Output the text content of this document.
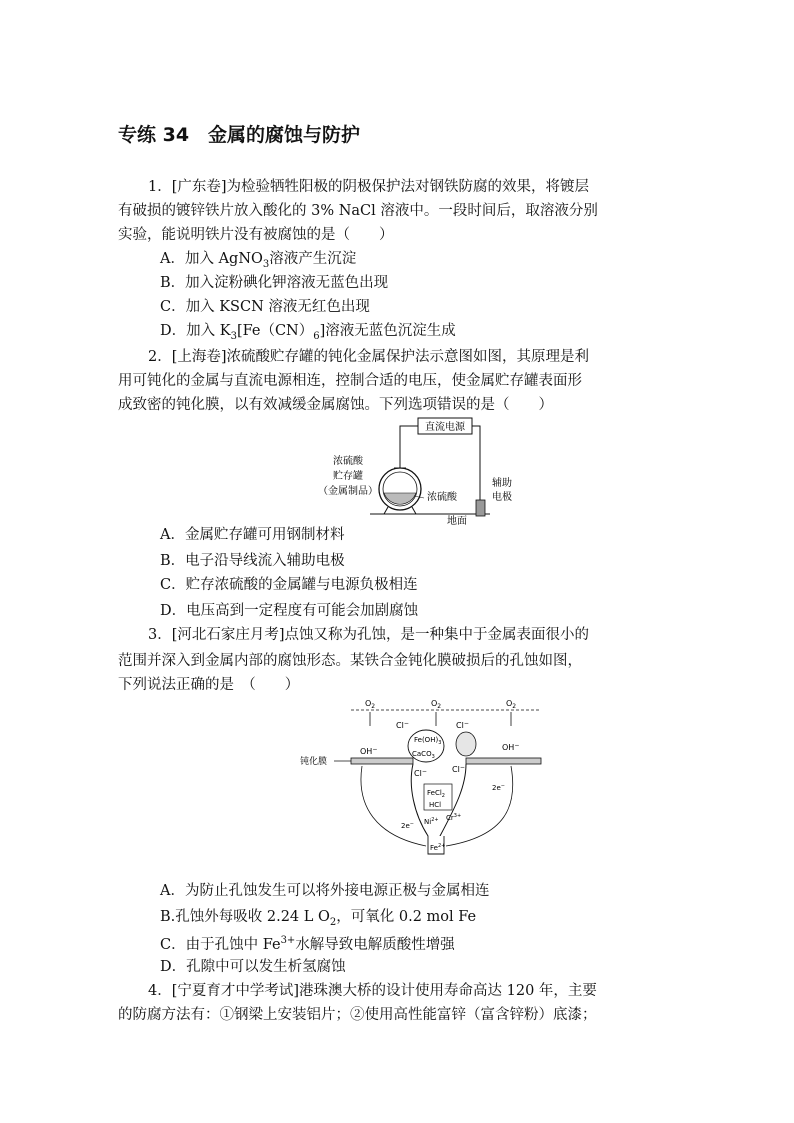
专练 34　金属的腐蚀与防护
1．[广东卷]为检验牺牲阳极的阴极保护法对钢铁防腐的效果，将镀层
有破损的镀锌铁片放入酸化的 3% NaCl 溶液中。一段时间后，取溶液分别
实验，能说明铁片没有被腐蚀的是（　　）
A．加入 AgNO$_3$溶液产生沉淀
B．加入淀粉碘化钾溶液无蓝色出现
C．加入 KSCN 溶液无红色出现
D．加入 $K_3[Fe(CN)_6]$溶液无蓝色沉淀生成
2．[上海卷]浓硫酸贮存罐的钝化金属保护法示意图如图，其原理是利
用可钝化的金属与直流电源相连，控制合适的电压，使金属贮存罐表面形
成致密的钝化膜，以有效减缓金属腐蚀。下列选项错误的是（　　）
直流电源
浓硫酸
贮存罐
（金属制品）
浓硫酸
地面
辅助
电极
A．金属贮存罐可用钢制材料
B．电子沿导线流入辅助电极
C．贮存浓硫酸的金属罐与电源负极相连
D．电压高到一定程度有可能会加剧腐蚀
3．[河北石家庄月考]点蚀又称为孔蚀，是一种集中于金属表面很小的
范围并深入到金属内部的腐蚀形态。某铁合金钝化膜破损后的孔蚀如图，
下列说法正确的是　（　　）
$O_2$	$O_2$	$O_2$
钝化膜
Cl−	Cl−
OH−	OH−
$Fe(OH)_3$
CaCO$_3$
Cl−	Cl−
FeCl$_2$
HCl
2e−
2e−
$Ni^{2+}$ $Cr^{3+}$
$Fe^{2+}$
A．为防止孔蚀发生可以将外接电源正极与金属相连
B.孔蚀外每吸收 2.24 L $O_2$，可氧化 0.2 mol Fe
C．由于孔蚀中 $Fe^{3+}$水解导致电解质酸性增强
D．孔隙中可以发生析氢腐蚀
4．[宁夏育才中学考试]港珠澳大桥的设计使用寿命高达 120 年，主要
的防腐方法有：①钢梁上安装铝片；②使用高性能富锌（富含锌粉）底漆；
